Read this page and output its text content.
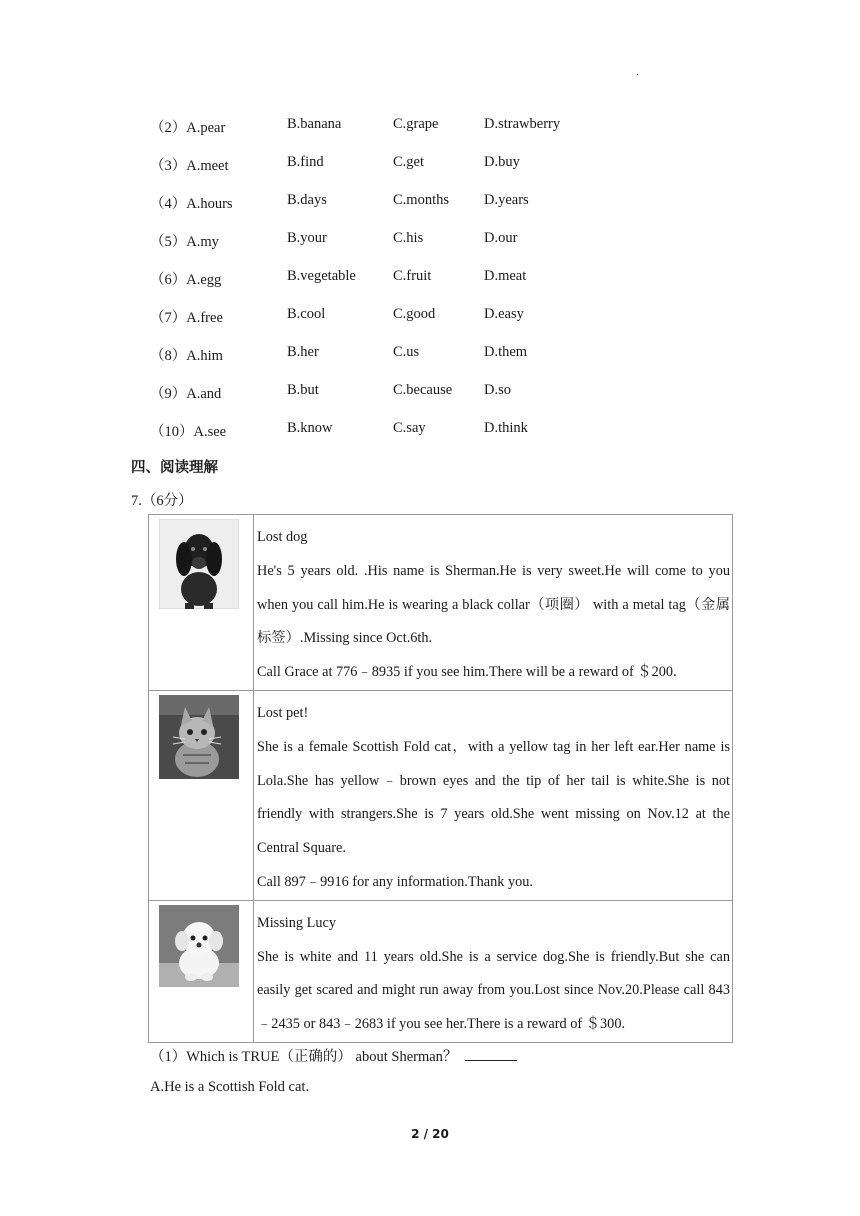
.
（2）A.pear	B.banana	C.grape	D.strawberry
（3）A.meet	B.find	C.get	D.buy
（4）A.hours	B.days	C.months D.years
（5）A.my	B.your	C.his	D.our
（6）A.egg	B.vegetable	C.fruit	D.meat
（7）A.free	B.cool	C.good	D.easy
（8）A.him	B.her	C.us	D.them
（9）A.and	B.but	C.because D.so
（10）A.see	B.know	C.say	D.think
四、阅读理解
7.（6分）

Lost dog
He's 5 years old. .His name is Sherman.He is very sweet.He will come to you when you call him.He is wearing a black collar（项圈） with a metal tag（金属标签）.Missing since Oct.6th.
Call Grace at 776﹣8935 if you see him.There will be a reward of ＄200.

Lost pet!
She is a female Scottish Fold cat，with a yellow tag in her left ear.Her name is Lola.She has yellow﹣brown eyes and the tip of her tail is white.She is not friendly with strangers.She is 7 years old.She went missing on Nov.12 at the Central Square.
Call 897﹣9916 for any information.Thank you.

Missing Lucy
She is white and 11 years old.She is a service dog.She is friendly.But she can easily get scared and might run away from you.Lost since Nov.20.Please call 843﹣2435 or 843﹣2683 if you see her.There is a reward of ＄300.
（1）Which is TRUE（正确的） about Sherman？
A.He is a Scottish Fold cat.
2 / 20
